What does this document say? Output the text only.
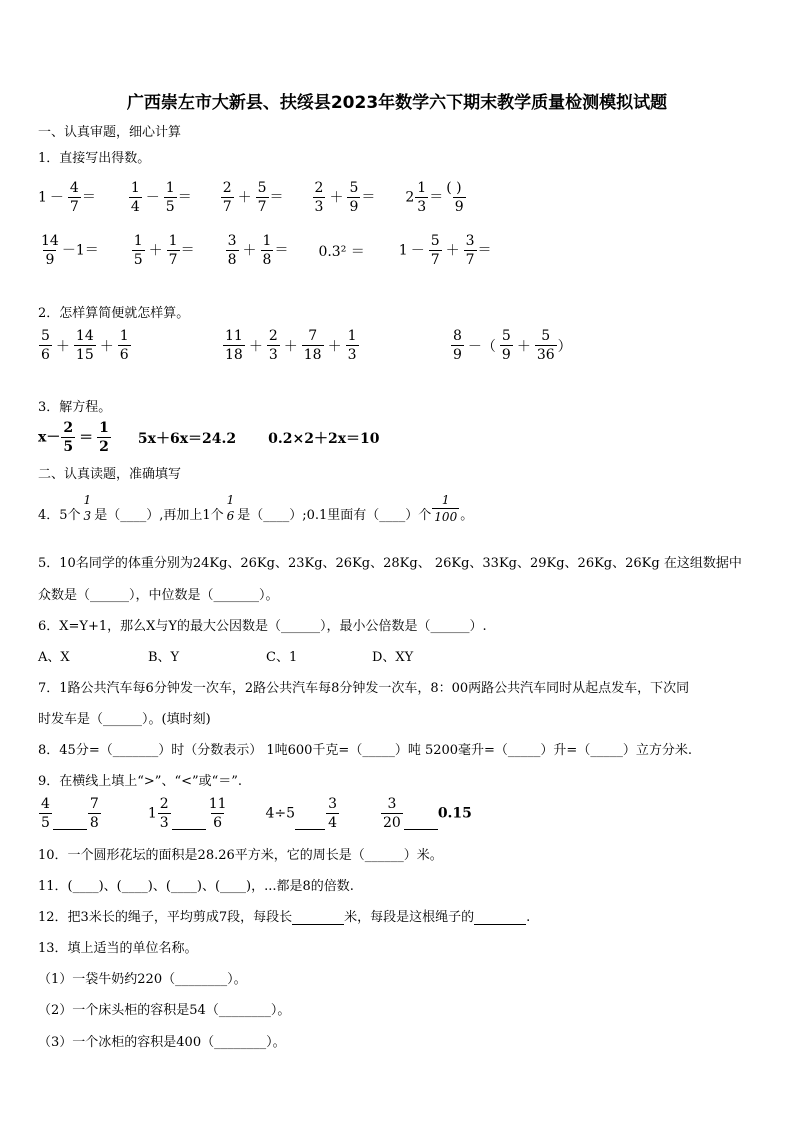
广西崇左市大新县、扶绥县2023年数学六下期末教学质量检测模拟试题
一、认真审题，细心计算
1．直接写出得数。
$1 - \frac{4}{7} = \frac{1}{4} - \frac{1}{5} = \frac{2}{7} + \frac{5}{7} = \frac{2}{3} + \frac{5}{9} = 2 \frac{1}{3} = \frac{( )}{9}$
$\frac{14}{9} -1= \frac{1}{5} + \frac{1}{7} = \frac{3}{8} + \frac{1}{8} = 0.3^2 = 1 - \frac{5}{7} + \frac{3}{7}$ ＝
2．怎样算简便就怎样算。
$\frac{5}{6} + \frac{14}{15} + \frac{1}{6}$	$\frac{11}{18} + \frac{2}{3} + \frac{7}{18} + \frac{1}{3}$	$\frac{8}{9}$ －（ $\frac{5}{9} + \frac{5}{36}$ ）
3．解方程。
$x- \frac{2}{5} = \frac{1}{2} 5x+6x=24.2$ 0.2×2＋2x＝10
二、认真读题，准确填写
4．5个
1
3 是（____）,再加上1个
1
6 是（____）;0.1里面有（____）个 $\frac{1}{100}$ 。
5．10名同学的体重分别为24Kg、26Kg、23Kg、26Kg、28Kg、 26Kg、33Kg、29Kg、26Kg、26Kg 在这组数据中
众数是（______），中位数是（_______）。
6．X=Y+1，那么X与Y的最大公因数是（______），最小公倍数是（______）.
A、X	B、Y	C、1	D、XY
7．1路公共汽车每6分钟发一次车，2路公共汽车每8分钟发一次车，8：00两路公共汽车同时从起点发车，下次同
时发车是（______）。(填时刻)
8．45分=（_______）时（分数表示） 1吨600千克=（_____）吨 5200毫升=（_____）升=（_____）立方分米.
9．在横线上填上“>”、“<”或“＝”.
$\frac{4}{5}$	$\frac{7}{8}$	$1 \frac{2}{3}$	$\frac{11}{6}$	$4\div 5 \frac{3}{4}$	$\frac{3}{20}$	0.15
10．一个圆形花坛的面积是28.26平方米，它的周长是（______）米。
11．(____)、(____)、(____)、(____)，...都是8的倍数.
12．把3米长的绳子，平均剪成7段，每段长	米，每段是这根绳子的	.
13．填上适当的单位名称。
（1）一袋牛奶约220（________）。
（2）一个床头柜的容积是54（________）。
（3）一个冰柜的容积是400（________）。
